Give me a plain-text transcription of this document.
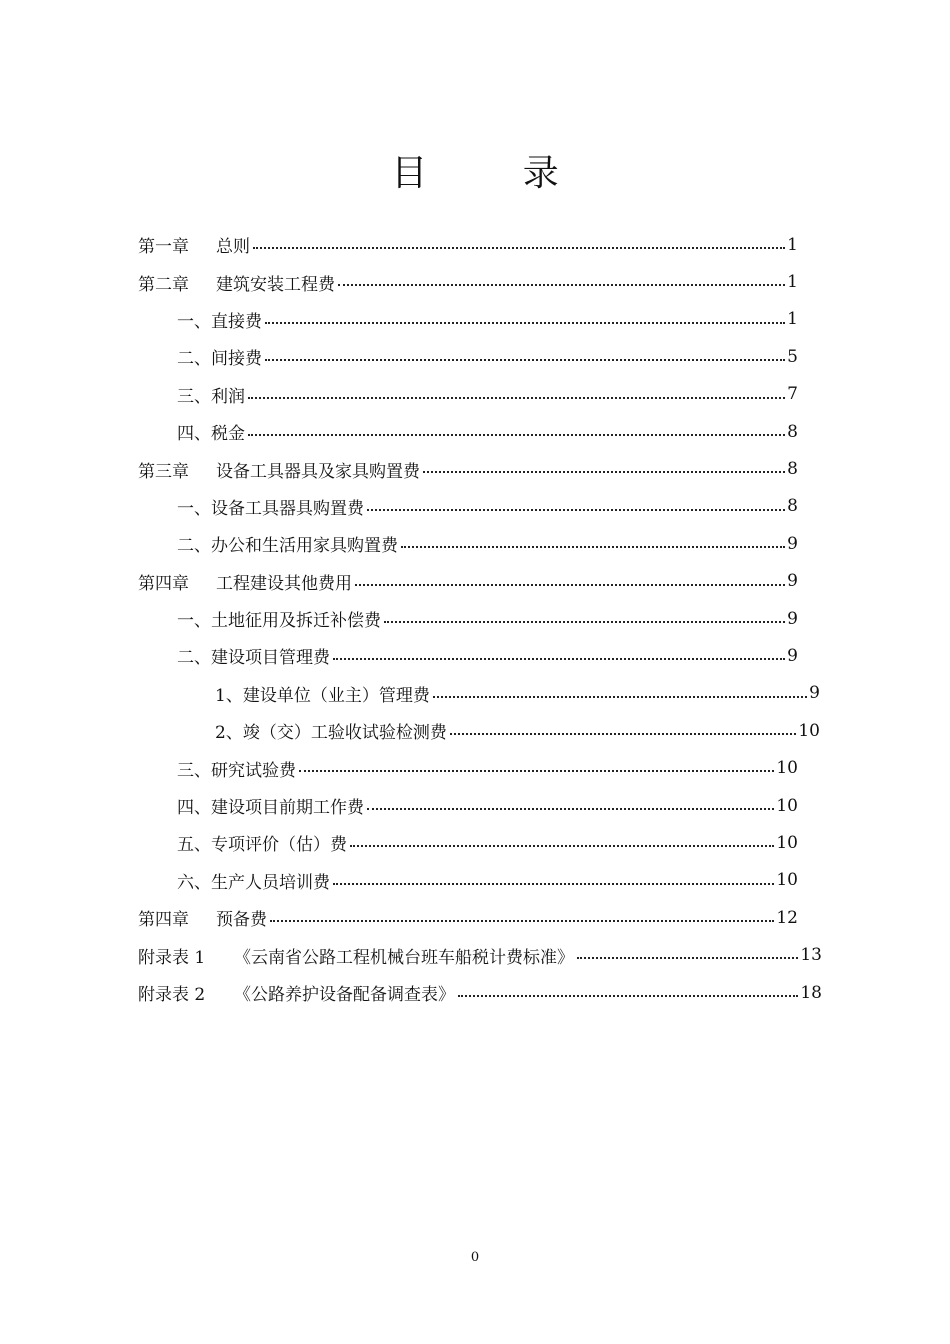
目 录
第一章	总则	1
第二章	建筑安装工程费	1
一、直接费	1
二、间接费	5
三、利润	7
四、税金	8
第三章	设备工具器具及家具购置费	8
一、设备工具器具购置费	8
二、办公和生活用家具购置费	9
第四章	工程建设其他费用	9
一、土地征用及拆迁补偿费	9
二、建设项目管理费	9
1、建设单位（业主）管理费	9
2、竣（交）工验收试验检测费	10
三、研究试验费	10
四、建设项目前期工作费	10
五、专项评价（估）费	10
六、生产人员培训费	10
第四章	预备费	12
附录表 1	《云南省公路工程机械台班车船税计费标准》	13
附录表 2	《公路养护设备配备调查表》	18
0
